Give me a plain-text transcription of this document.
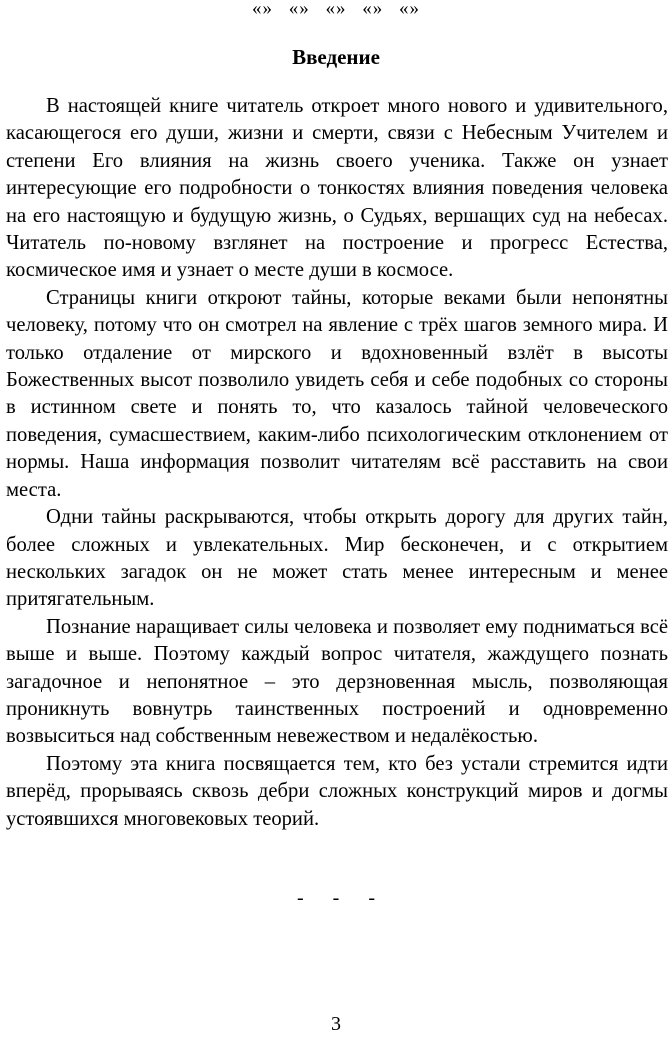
«» «» «» «» «»
Введение

В настоящей книге читатель откроет много нового и удивительного, касающегося его души, жизни и смерти, связи с Небесным Учителем и степени Его влияния на жизнь своего ученика. Также он узнает интересующие его подробности о тонкостях влияния поведения человека на его настоящую и будущую жизнь, о Судьях, вершащих суд на небесах. Читатель по-новому взглянет на построение и прогресс Естества, космическое имя и узнает о месте души в космосе.

Страницы книги откроют тайны, которые веками были непонятны человеку, потому что он смотрел на явление с трёх шагов земного мира. И только отдаление от мирского и вдохновенный взлёт в высоты Божественных высот позволило увидеть себя и себе подобных со стороны в истинном свете и понять то, что казалось тайной человеческого поведения, сумасшествием, каким-либо психологическим отклонением от нормы. Наша информация позволит читателям всё расставить на свои места.

Одни тайны раскрываются, чтобы открыть дорогу для других тайн, более сложных и увлекательных. Мир бесконечен, и с открытием нескольких загадок он не может стать менее интересным и менее притягательным.

Познание наращивает силы человека и позволяет ему подниматься всё выше и выше. Поэтому каждый вопрос читателя, жаждущего познать загадочное и непонятное – это дерзновенная мысль, позволяющая проникнуть вовнутрь таинственных построений и одновременно возвыситься над собственным невежеством и недалёкостью.

Поэтому эта книга посвящается тем, кто без устали стремится идти вперёд, прорываясь сквозь дебри сложных конструкций миров и догмы устоявшихся многовековых теорий.

- - -
3
